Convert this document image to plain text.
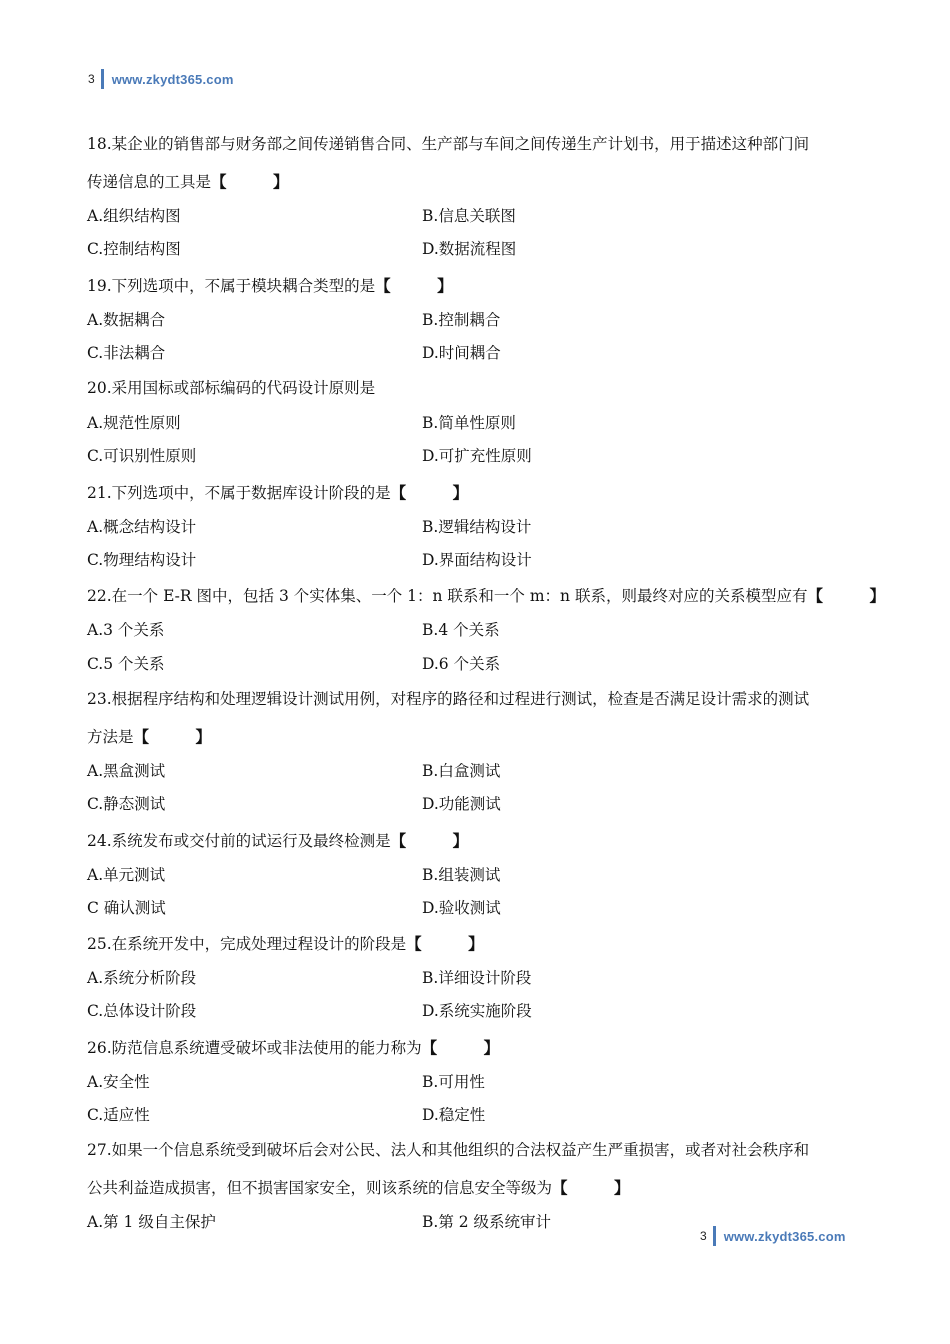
3 www.zkydt365.com
18.某企业的销售部与财务部之间传递销售合同、生产部与车间之间传递生产计划书，用于描述这种部门间
传递信息的工具是【　　　】
A.组织结构图	B.信息关联图
C.控制结构图	D.数据流程图
19.下列选项中，不属于模块耦合类型的是【　　　】
A.数据耦合	B.控制耦合
C.非法耦合	D.时间耦合
20.采用国标或部标编码的代码设计原则是
A.规范性原则	B.简单性原则
C.可识别性原则	D.可扩充性原则
21.下列选项中，不属于数据库设计阶段的是【　　　】
A.概念结构设计	B.逻辑结构设计
C.物理结构设计	D.界面结构设计
22.在一个 E-R 图中，包括 3 个实体集、一个 1：n 联系和一个 m：n 联系，则最终对应的关系模型应有【　　　】
A.3 个关系	B.4 个关系
C.5 个关系	D.6 个关系
23.根据程序结构和处理逻辑设计测试用例，对程序的路径和过程进行测试，检查是否满足设计需求的测试
方法是【　　　】
A.黑盒测试	B.白盒测试
C.静态测试	D.功能测试
24.系统发布或交付前的试运行及最终检测是【　　　】
A.单元测试	B.组装测试
C 确认测试	D.验收测试
25.在系统开发中，完成处理过程设计的阶段是【　　　】
A.系统分析阶段	B.详细设计阶段
C.总体设计阶段	D.系统实施阶段
26.防范信息系统遭受破坏或非法使用的能力称为【　　　】
A.安全性	B.可用性
C.适应性	D.稳定性
27.如果一个信息系统受到破坏后会对公民、法人和其他组织的合法权益产生严重损害，或者对社会秩序和
公共利益造成损害，但不损害国家安全，则该系统的信息安全等级为【　　　】
A.第 1 级自主保护	B.第 2 级系统审计
3 www.zkydt365.com
